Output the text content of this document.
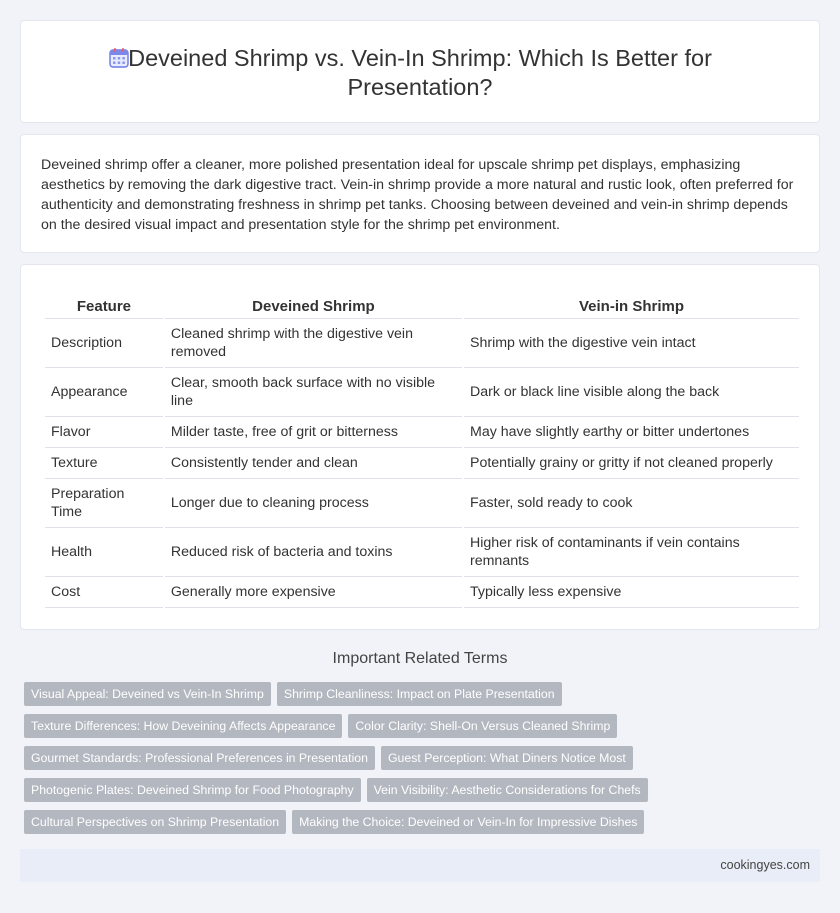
Deveined Shrimp vs. Vein-In Shrimp: Which Is Better for Presentation?

Deveined shrimp offer a cleaner, more polished presentation ideal for upscale shrimp pet displays, emphasizing aesthetics by removing the dark digestive tract. Vein-in shrimp provide a more natural and rustic look, often preferred for authenticity and demonstrating freshness in shrimp pet tanks. Choosing between deveined and vein-in shrimp depends on the desired visual impact and presentation style for the shrimp pet environment.

Feature	Deveined Shrimp	Vein-in Shrimp
Description	Cleaned shrimp with the digestive vein removed	Shrimp with the digestive vein intact
Appearance	Clear, smooth back surface with no visible line	Dark or black line visible along the back
Flavor	Milder taste, free of grit or bitterness	May have slightly earthy or bitter undertones
Texture	Consistently tender and clean	Potentially grainy or gritty if not cleaned properly
Preparation Time	Longer due to cleaning process	Faster, sold ready to cook
Health	Reduced risk of bacteria and toxins	Higher risk of contaminants if vein contains remnants
Cost	Generally more expensive	Typically less expensive
Important Related Terms
Visual Appeal: Deveined vs Vein-In Shrimp Shrimp Cleanliness: Impact on Plate Presentation
Texture Differences: How Deveining Affects Appearance Color Clarity: Shell-On Versus Cleaned Shrimp
Gourmet Standards: Professional Preferences in Presentation Guest Perception: What Diners Notice Most
Photogenic Plates: Deveined Shrimp for Food Photography Vein Visibility: Aesthetic Considerations for Chefs
Cultural Perspectives on Shrimp Presentation Making the Choice: Deveined or Vein-In for Impressive Dishes
cookingyes.com
